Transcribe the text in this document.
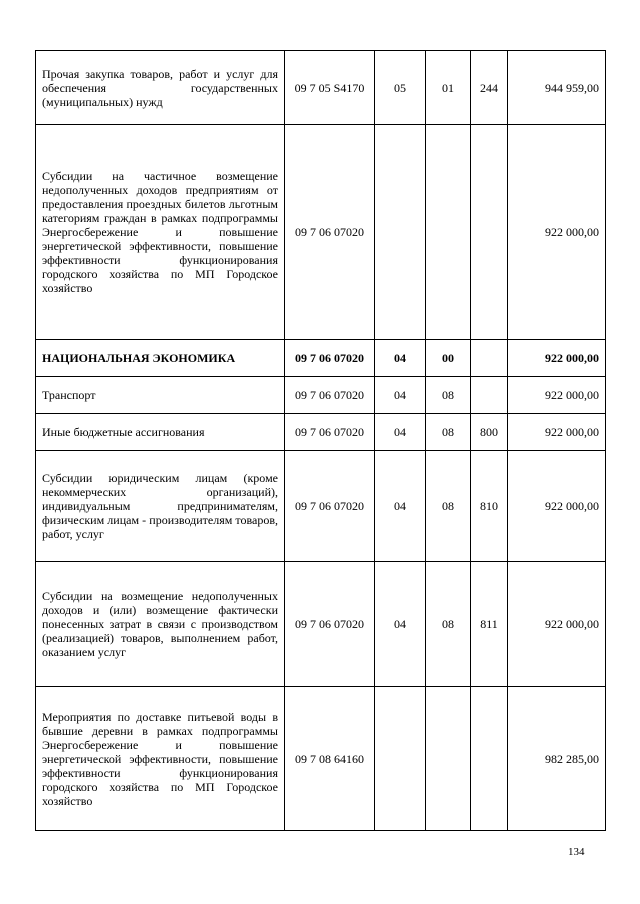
Прочая закупка товаров, работ и услуг для обеспечения государственных (муниципальных) нужд	09 7 05 S4170	05	01	244	944 959,00
Субсидии на частичное возмещение недополученных доходов предприятиям от предоставления проездных билетов льготным категориям граждан в рамках подпрограммы Энергосбережение и повышение энергетической эффективности, повышение эффективности функционирования городского хозяйства по МП Городское хозяйство	09 7 06 07020				922 000,00
НАЦИОНАЛЬНАЯ ЭКОНОМИКА	09 7 06 07020	04	00		922 000,00
Транспорт	09 7 06 07020	04	08		922 000,00
Иные бюджетные ассигнования	09 7 06 07020	04	08	800	922 000,00
Субсидии юридическим лицам (кроме некоммерческих организаций), индивидуальным предпринимателям, физическим лицам - производителям товаров, работ, услуг	09 7 06 07020	04	08	810	922 000,00
Субсидии на возмещение недополученных доходов и (или) возмещение фактически понесенных затрат в связи с производством (реализацией) товаров, выполнением работ, оказанием услуг	09 7 06 07020	04	08	811	922 000,00
Мероприятия по доставке питьевой воды в бывшие деревни в рамках подпрограммы Энергосбережение и повышение энергетической эффективности, повышение эффективности функционирования городского хозяйства по МП Городское хозяйство	09 7 08 64160				982 285,00
134
